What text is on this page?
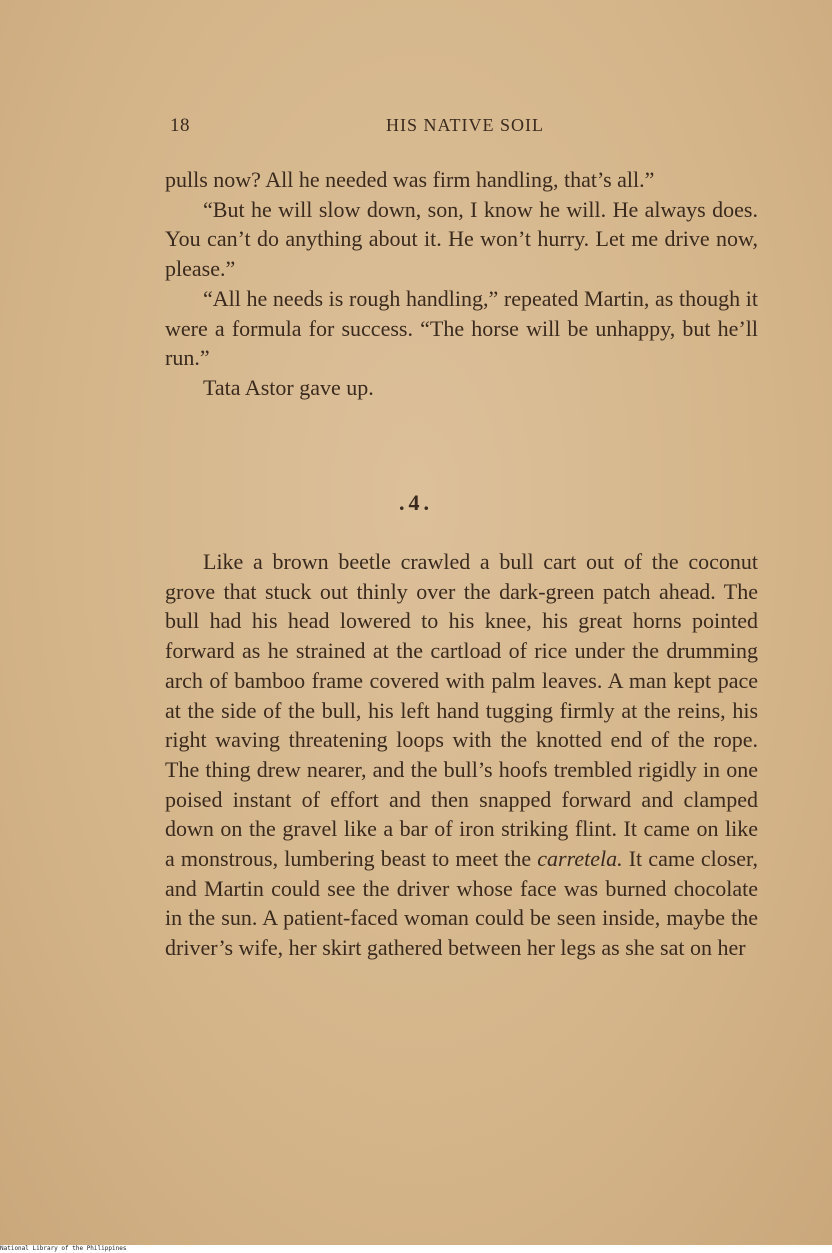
18	HIS NATIVE SOIL

pulls now? All he needed was firm handling, that’s all.”

“But he will slow down, son, I know he will. He always does. You can’t do anything about it. He won’t hurry. Let me drive now, please.”

“All he needs is rough handling,” repeated Martin, as though it were a formula for success. “The horse will be unhappy, but he’ll run.”

Tata Astor gave up.

.4.

Like a brown beetle crawled a bull cart out of the coconut grove that stuck out thinly over the dark-green patch ahead. The bull had his head lowered to his knee, his great horns pointed forward as he strained at the cartload of rice under the drumming arch of bamboo frame covered with palm leaves. A man kept pace at the side of the bull, his left hand tugging firmly at the reins, his right waving threatening loops with the knotted end of the rope. The thing drew nearer, and the bull’s hoofs trembled rigidly in one poised instant of effort and then snapped forward and clamped down on the gravel like a bar of iron striking flint. It came on like a monstrous, lumbering beast to meet the carretela. It came closer, and Martin could see the driver whose face was burned chocolate in the sun. A patient-faced woman could be seen inside, maybe the driver’s wife, her skirt gathered between her legs as she sat on her

National Library of the Philippines
